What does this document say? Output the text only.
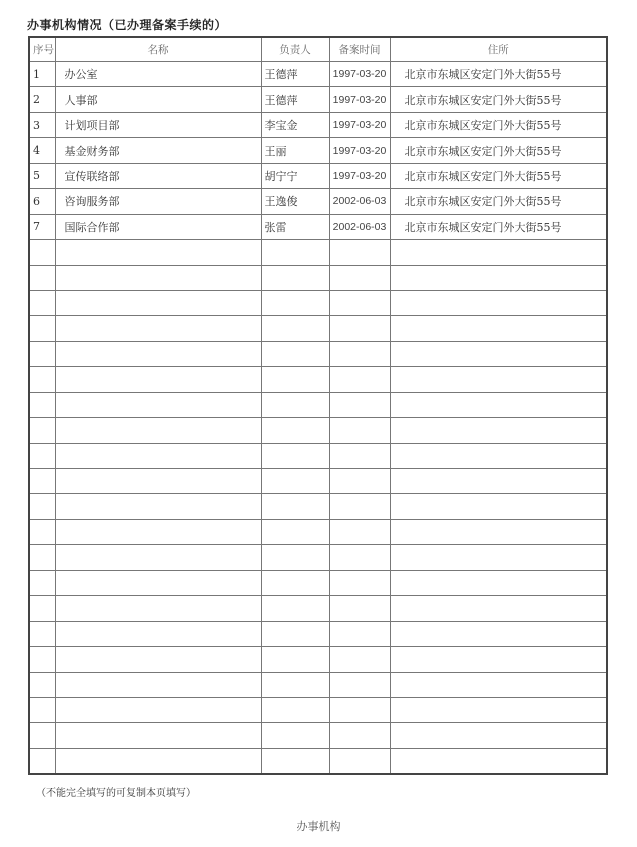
办事机构情况（已办理备案手续的）
序号	名称	负责人	备案时间	住所
1	办公室	王德萍	1997-03-20	北京市东城区安定门外大街55号
2	人事部	王德萍	1997-03-20	北京市东城区安定门外大街55号
3	计划项目部	李宝金	1997-03-20	北京市东城区安定门外大街55号
4	基金财务部	王丽	1997-03-20	北京市东城区安定门外大街55号
5	宣传联络部	胡宁宁	1997-03-20	北京市东城区安定门外大街55号
6	咨询服务部	王逸俊	2002-06-03	北京市东城区安定门外大街55号
7	国际合作部	张雷	2002-06-03	北京市东城区安定门外大街55号

（不能完全填写的可复制本页填写）
办事机构
